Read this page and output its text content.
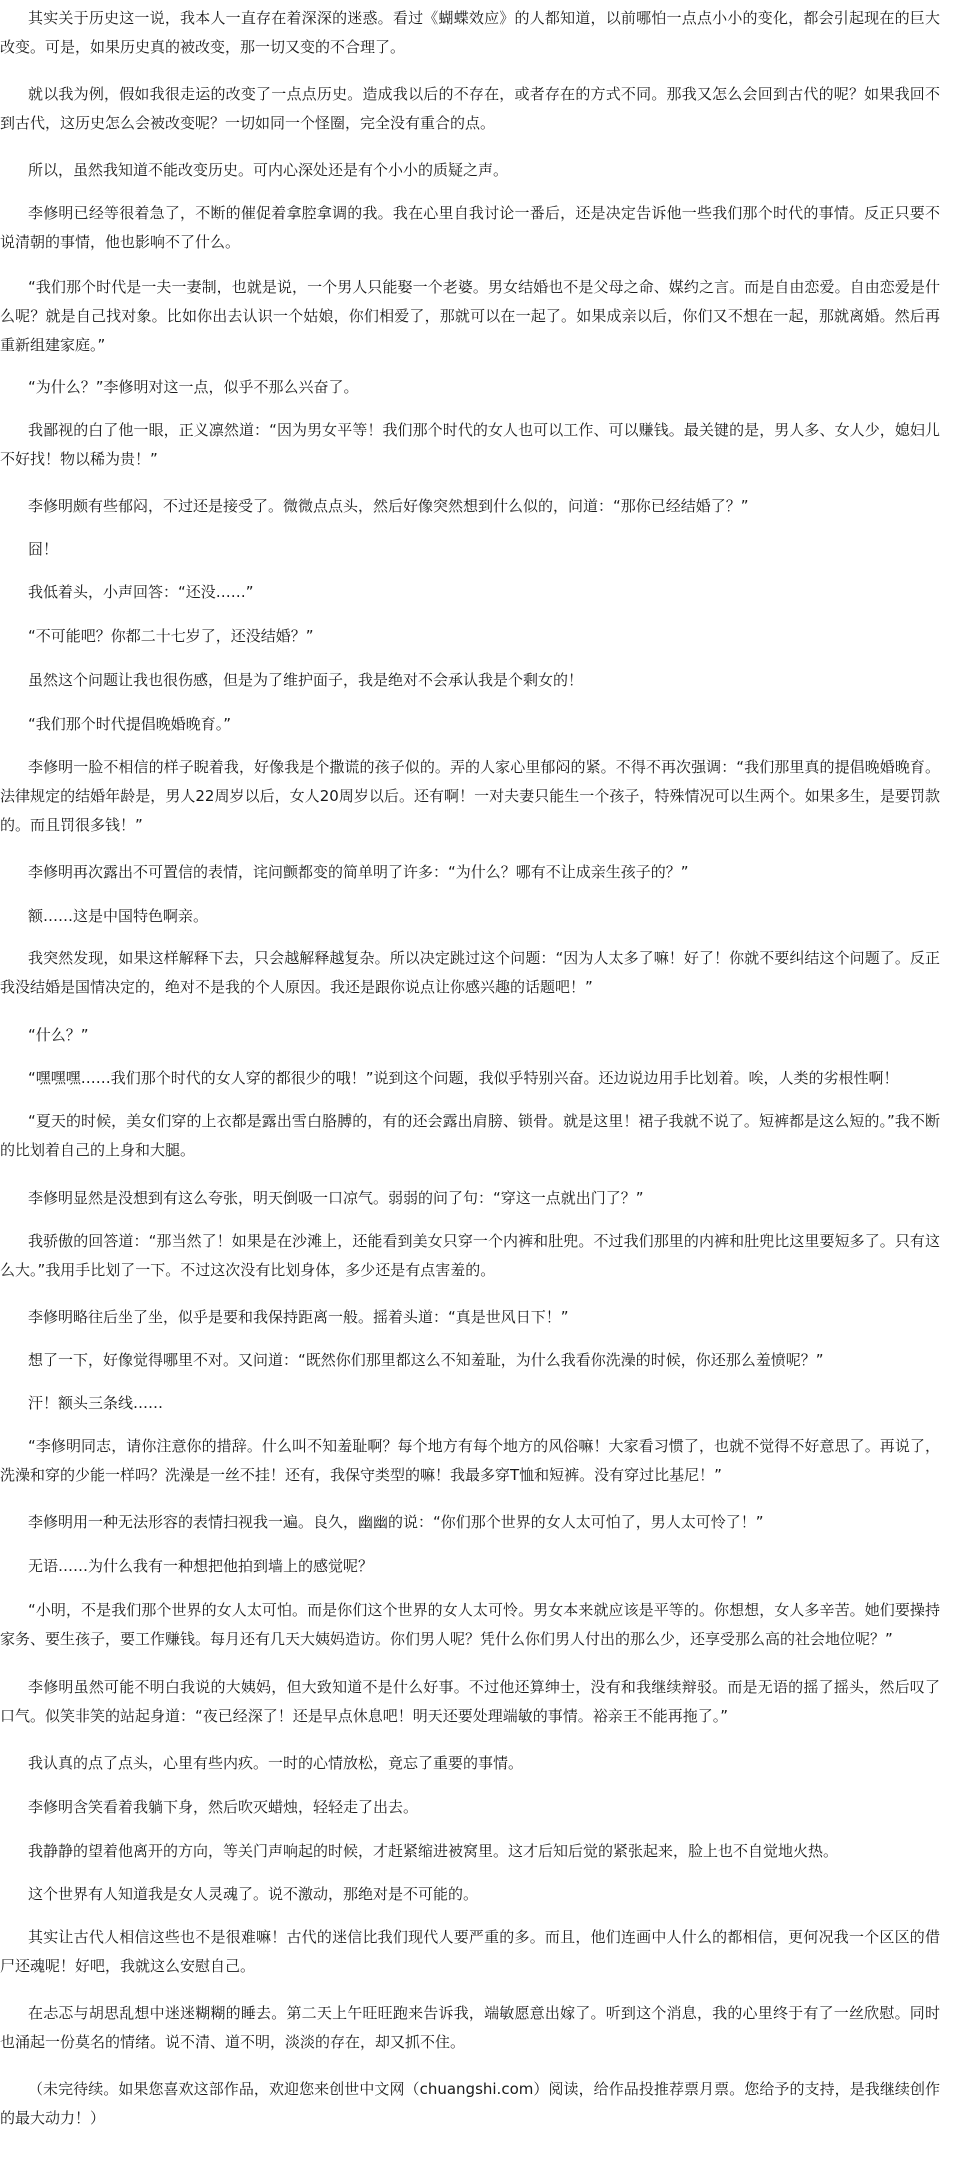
其实关于历史这一说，我本人一直存在着深深的迷惑。看过《蝴蝶效应》的人都知道，以前哪怕一点点小小的变化，都会引起现在的巨大改变。可是，如果历史真的被改变，那一切又变的不合理了。

就以我为例，假如我很走运的改变了一点点历史。造成我以后的不存在，或者存在的方式不同。那我又怎么会回到古代的呢？如果我回不到古代，这历史怎么会被改变呢？一切如同一个怪圈，完全没有重合的点。

所以，虽然我知道不能改变历史。可内心深处还是有个小小的质疑之声。

李修明已经等很着急了，不断的催促着拿腔拿调的我。我在心里自我讨论一番后，还是决定告诉他一些我们那个时代的事情。反正只要不说清朝的事情，他也影响不了什么。

“我们那个时代是一夫一妻制，也就是说，一个男人只能娶一个老婆。男女结婚也不是父母之命、媒约之言。而是自由恋爱。自由恋爱是什么呢？就是自己找对象。比如你出去认识一个姑娘，你们相爱了，那就可以在一起了。如果成亲以后，你们又不想在一起，那就离婚。然后再重新组建家庭。”

“为什么？”李修明对这一点，似乎不那么兴奋了。

我鄙视的白了他一眼，正义凛然道：“因为男女平等！我们那个时代的女人也可以工作、可以赚钱。最关键的是，男人多、女人少，媳妇儿不好找！物以稀为贵！”

李修明颇有些郁闷，不过还是接受了。微微点点头，然后好像突然想到什么似的，问道：“那你已经结婚了？”

囧！

我低着头，小声回答：“还没……”

“不可能吧？你都二十七岁了，还没结婚？”

虽然这个问题让我也很伤感，但是为了维护面子，我是绝对不会承认我是个剩女的！

“我们那个时代提倡晚婚晚育。”

李修明一脸不相信的样子睨着我，好像我是个撒谎的孩子似的。弄的人家心里郁闷的紧。不得不再次强调：“我们那里真的提倡晚婚晚育。法律规定的结婚年龄是，男人22周岁以后，女人20周岁以后。还有啊！一对夫妻只能生一个孩子，特殊情况可以生两个。如果多生，是要罚款的。而且罚很多钱！”

李修明再次露出不可置信的表情，诧问颤都变的简单明了许多：“为什么？哪有不让成亲生孩子的？”

额……这是中国特色啊亲。

我突然发现，如果这样解释下去，只会越解释越复杂。所以决定跳过这个问题：“因为人太多了嘛！好了！你就不要纠结这个问题了。反正我没结婚是国情决定的，绝对不是我的个人原因。我还是跟你说点让你感兴趣的话题吧！”

“什么？”

“嘿嘿嘿……我们那个时代的女人穿的都很少的哦！”说到这个问题，我似乎特别兴奋。还边说边用手比划着。唉，人类的劣根性啊！

“夏天的时候，美女们穿的上衣都是露出雪白胳膊的，有的还会露出肩膀、锁骨。就是这里！裙子我就不说了。短裤都是这么短的。”我不断的比划着自己的上身和大腿。

李修明显然是没想到有这么夸张，明天倒吸一口凉气。弱弱的问了句：“穿这一点就出门了？”

我骄傲的回答道：“那当然了！如果是在沙滩上，还能看到美女只穿一个内裤和肚兜。不过我们那里的内裤和肚兜比这里要短多了。只有这么大。”我用手比划了一下。不过这次没有比划身体，多少还是有点害羞的。

李修明略往后坐了坐，似乎是要和我保持距离一般。摇着头道：“真是世风日下！”

想了一下，好像觉得哪里不对。又问道：“既然你们那里都这么不知羞耻，为什么我看你洗澡的时候，你还那么羞愤呢？”

汗！额头三条线……

“李修明同志，请你注意你的措辞。什么叫不知羞耻啊？每个地方有每个地方的风俗嘛！大家看习惯了，也就不觉得不好意思了。再说了，洗澡和穿的少能一样吗？洗澡是一丝不挂！还有，我保守类型的嘛！我最多穿T恤和短裤。没有穿过比基尼！”

李修明用一种无法形容的表情扫视我一遍。良久，幽幽的说：“你们那个世界的女人太可怕了，男人太可怜了！”

无语……为什么我有一种想把他拍到墙上的感觉呢？

“小明，不是我们那个世界的女人太可怕。而是你们这个世界的女人太可怜。男女本来就应该是平等的。你想想，女人多辛苦。她们要操持家务、要生孩子，要工作赚钱。每月还有几天大姨妈造访。你们男人呢？凭什么你们男人付出的那么少，还享受那么高的社会地位呢？”

李修明虽然可能不明白我说的大姨妈，但大致知道不是什么好事。不过他还算绅士，没有和我继续辩驳。而是无语的摇了摇头，然后叹了口气。似笑非笑的站起身道：“夜已经深了！还是早点休息吧！明天还要处理端敏的事情。裕亲王不能再拖了。”

我认真的点了点头，心里有些内疚。一时的心情放松，竟忘了重要的事情。

李修明含笑看着我躺下身，然后吹灭蜡烛，轻轻走了出去。

我静静的望着他离开的方向，等关门声响起的时候，才赶紧缩进被窝里。这才后知后觉的紧张起来，脸上也不自觉地火热。

这个世界有人知道我是女人灵魂了。说不激动，那绝对是不可能的。

其实让古代人相信这些也不是很难嘛！古代的迷信比我们现代人要严重的多。而且，他们连画中人什么的都相信，更何况我一个区区的借尸还魂呢！好吧，我就这么安慰自己。

在忐忑与胡思乱想中迷迷糊糊的睡去。第二天上午旺旺跑来告诉我，端敏愿意出嫁了。听到这个消息，我的心里终于有了一丝欣慰。同时也涌起一份莫名的情绪。说不清、道不明，淡淡的存在，却又抓不住。

（未完待续。如果您喜欢这部作品，欢迎您来创世中文网（chuangshi.com）阅读，给作品投推荐票月票。您给予的支持，是我继续创作的最大动力！）
